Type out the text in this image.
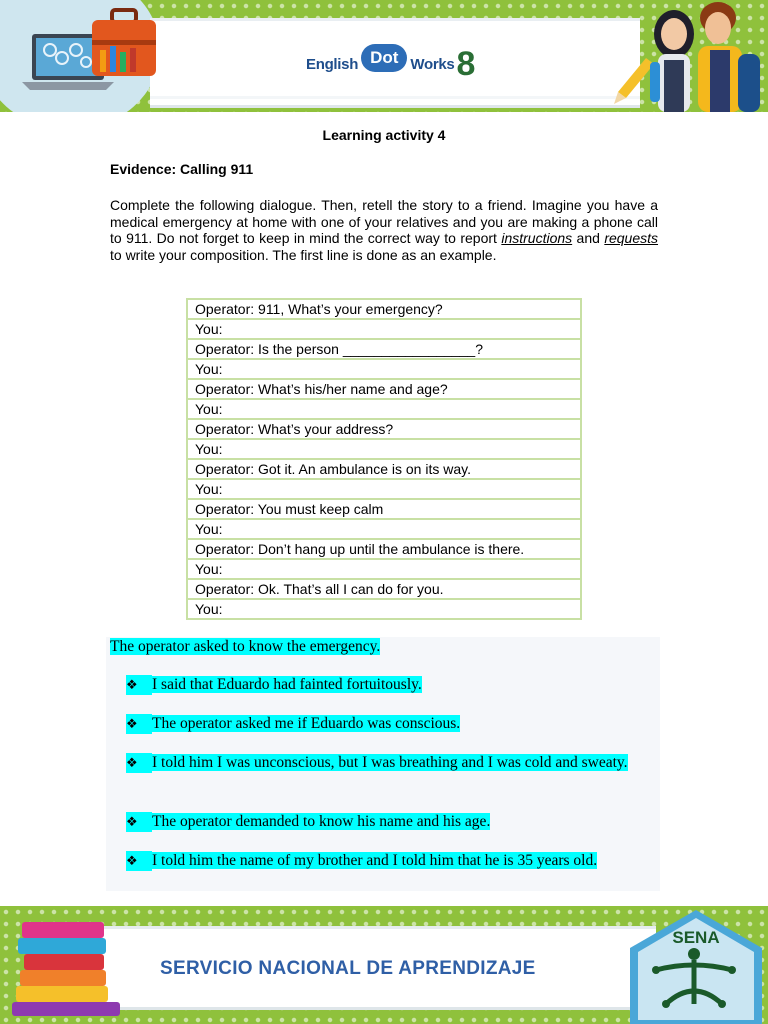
English Dot Works 8
Learning activity 4
Evidence: Calling 911

Complete the following dialogue. Then, retell the story to a friend. Imagine you have a medical emergency at home with one of your relatives and you are making a phone call to 911. Do not forget to keep in mind the correct way to report instructions and requests to write your composition. The first line is done as an example.

Operator: 911, What’s your emergency?
You:
Operator: Is the person _________________?
You:
Operator: What’s his/her name and age?
You:
Operator: What’s your address?
You:
Operator: Got it. An ambulance is on its way.
You:
Operator: You must keep calm
You:
Operator: Don’t hang up until the ambulance is there.
You:
Operator: Ok. That’s all I can do for you.
You:

The operator asked to know the emergency.

❖ I said that Eduardo had fainted fortuitously.
❖ The operator asked me if Eduardo was conscious.
❖ I told him I was unconscious, but I was breathing and I was cold and sweaty.
❖ The operator demanded to know his name and his age.
❖ I told him the name of my brother and I told him that he is 35 years old.

SERVICIO NACIONAL DE APRENDIZAJE

SENA
